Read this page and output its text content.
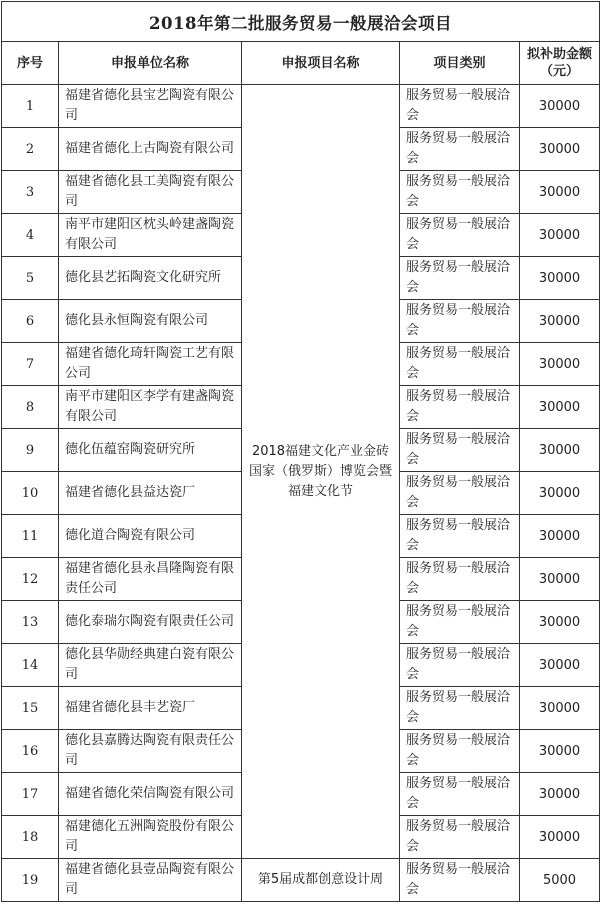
2018年第二批服务贸易一般展洽会项目				
序号	申报单位名称	申报项目名称	项目类别	拟补助金额（元）
1	福建省德化县宝艺陶瓷有限公司	2018福建文化产业金砖国家（俄罗斯）博览会暨福建文化节	服务贸易一般展洽会	30000
2	福建省德化上古陶瓷有限公司		服务贸易一般展洽会	30000
3	福建省德化县工美陶瓷有限公司		服务贸易一般展洽会	30000
4	南平市建阳区枕头岭建盏陶瓷有限公司		服务贸易一般展洽会	30000
5	德化县艺拓陶瓷文化研究所		服务贸易一般展洽会	30000
6	德化县永恒陶瓷有限公司		服务贸易一般展洽会	30000
7	福建省德化琦轩陶瓷工艺有限公司		服务贸易一般展洽会	30000
8	南平市建阳区李学有建盏陶瓷有限公司		服务贸易一般展洽会	30000
9	德化伍蕴窑陶瓷研究所		服务贸易一般展洽会	30000
10	福建省德化县益达瓷厂		服务贸易一般展洽会	30000
11	德化道合陶瓷有限公司		服务贸易一般展洽会	30000
12	福建省德化县永昌隆陶瓷有限责任公司		服务贸易一般展洽会	30000
13	德化泰瑞尔陶瓷有限责任公司		服务贸易一般展洽会	30000
14	德化县华勋经典建白瓷有限公司		服务贸易一般展洽会	30000
15	福建省德化县丰艺瓷厂		服务贸易一般展洽会	30000
16	德化县嘉腾达陶瓷有限责任公司		服务贸易一般展洽会	30000
17	福建省德化荣信陶瓷有限公司		服务贸易一般展洽会	30000
18	福建德化五洲陶瓷股份有限公司		服务贸易一般展洽会	30000
19	福建省德化县壹品陶瓷有限公司	第5届成都创意设计周	服务贸易一般展洽会	5000
